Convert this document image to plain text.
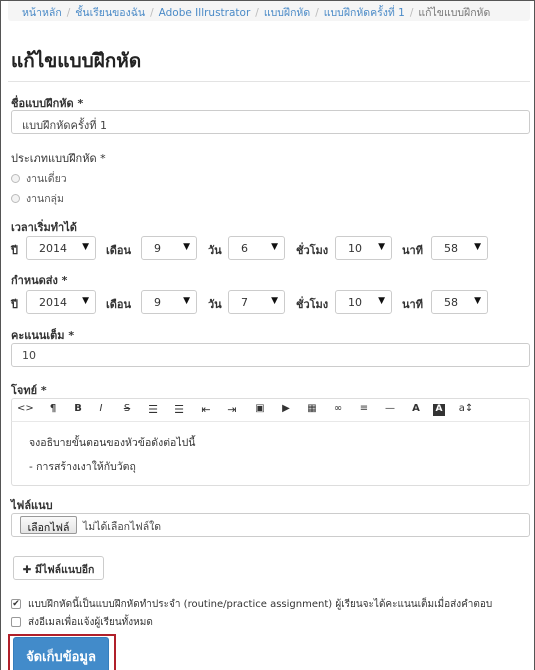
หน้าหลัก / ชั้นเรียนของฉัน / Adobe Illrustrator / แบบฝึกหัด / แบบฝึกหัดครั้งที่ 1 / แก้ไขแบบฝึกหัด
แก้ไขแบบฝึกหัด
ชื่อแบบฝึกหัด *
แบบฝึกหัดครั้งที่ 1
ประเภทแบบฝึกหัด *
งานเดี่ยว
งานกลุ่ม
เวลาเริ่มทำได้
ปี	2014 ▼ เดือน	9 ▼ วัน	6	▼ ชั่วโมง	10 ▼ นาที	58 ▼
กำหนดส่ง *
ปี	2014 ▼ เดือน	9 ▼ วัน	7	▼ ชั่วโมง	10 ▼ นาที	58 ▼
คะแนนเต็ม *
10
โจทย์ *
<>	¶	B	I	S	☰ ☰	⇤	⇥	▣	▶	▦	∞	≡	—	A	A a↕

จงอธิบายขั้นตอนของหัวข้อดังต่อไปนี้

- การสร้างเงาให้กับวัตถุ

ไฟล์แนบ
เลือกไฟล์	ไม่ได้เลือกไฟล์ใด
✚ มีไฟล์แนบอีก
✔ แบบฝึกหัดนี้เป็นแบบฝึกหัดทำประจำ (routine/practice assignment) ผู้เรียนจะได้คะแนนเต็มเมื่อส่งคำตอบ
ส่งอีเมลเพื่อแจ้งผู้เรียนทั้งหมด
จัดเก็บข้อมูล
